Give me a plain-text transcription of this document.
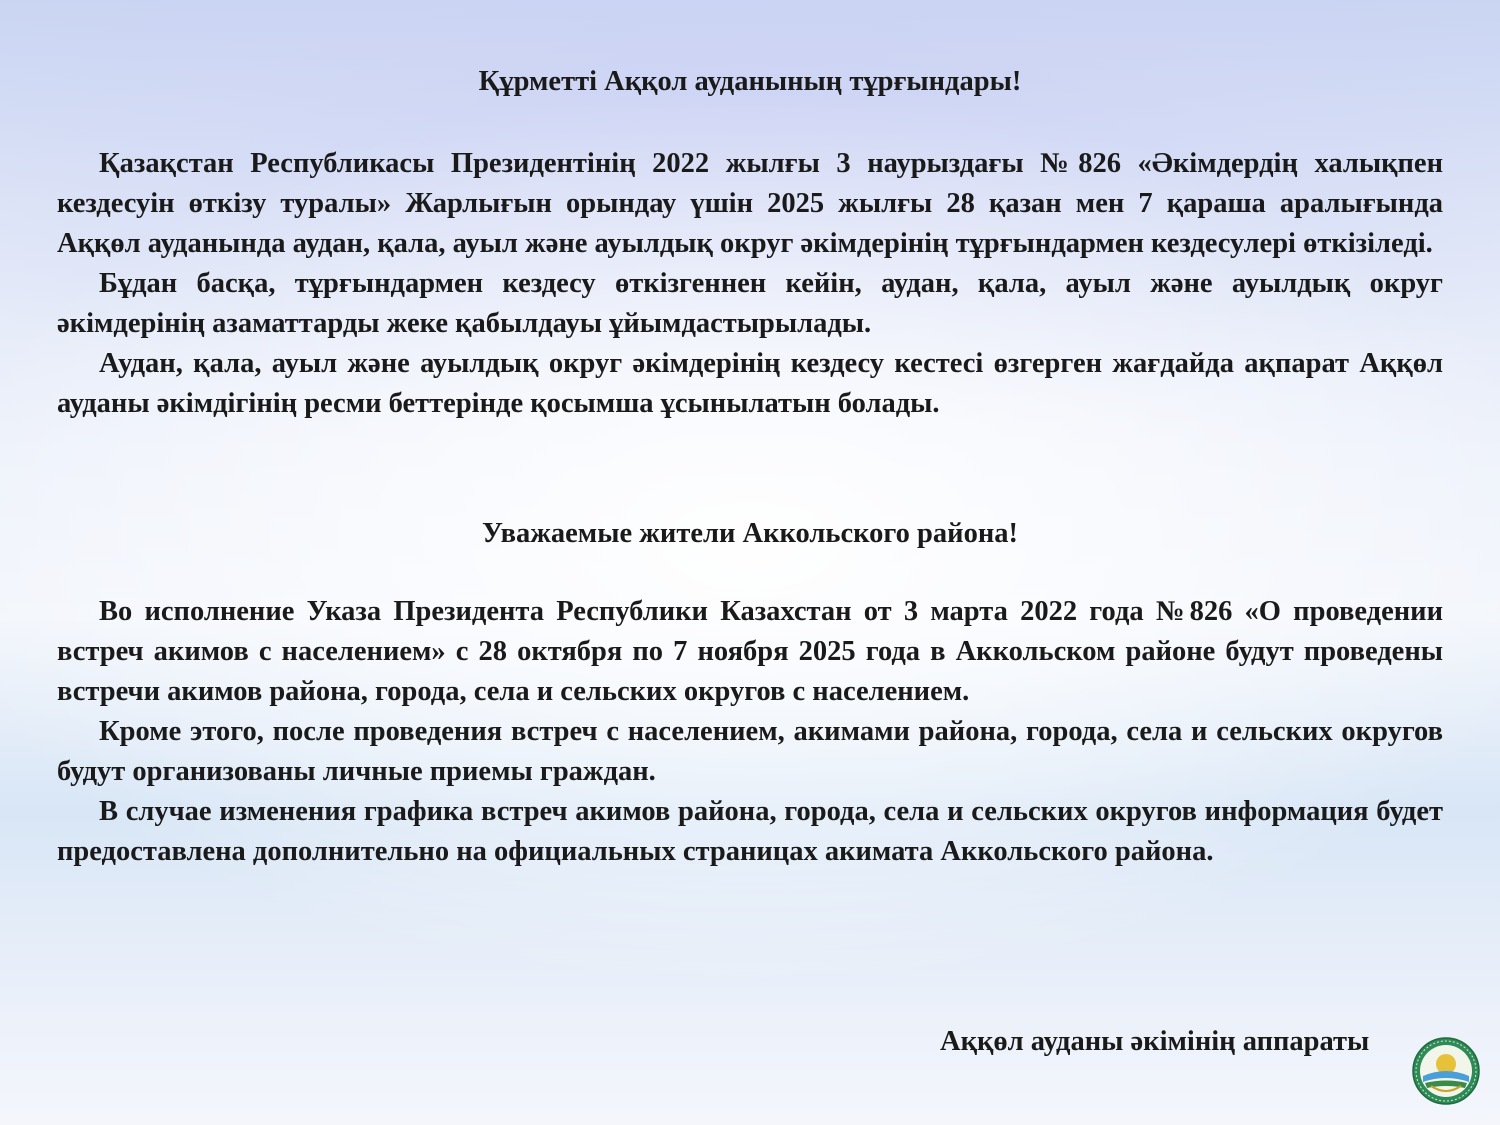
Құрметті Аққол ауданының тұрғындары!

Қазақстан Республикасы Президентінің 2022 жылғы 3 наурыздағы №826 «Әкімдердің халықпен кездесуін өткізу туралы» Жарлығын орындау үшін 2025 жылғы 28 қазан мен 7 қараша аралығында Аққөл ауданында аудан, қала, ауыл және ауылдық округ әкімдерінің тұрғындармен кездесулері өткізіледі.

Бұдан басқа, тұрғындармен кездесу өткізгеннен кейін, аудан, қала, ауыл және ауылдық округ әкімдерінің азаматтарды жеке қабылдауы ұйымдастырылады.

Аудан, қала, ауыл және ауылдық округ әкімдерінің кездесу кестесі өзгерген жағдайда ақпарат Аққөл ауданы әкімдігінің ресми беттерінде қосымша ұсынылатын болады.

Уважаемые жители Аккольского района!

Во исполнение Указа Президента Республики Казахстан от 3 марта 2022 года №826 «О проведении встреч акимов с населением» с 28 октября по 7 ноября 2025 года в Аккольском районе будут проведены встречи акимов района, города, села и сельских округов с населением.

Кроме этого, после проведения встреч с населением, акимами района, города, села и сельских округов будут организованы личные приемы граждан.

В случае изменения графика встреч акимов района, города, села и сельских округов информация будет предоставлена дополнительно на официальных страницах акимата Аккольского района.

Аққөл ауданы әкімінің аппараты
